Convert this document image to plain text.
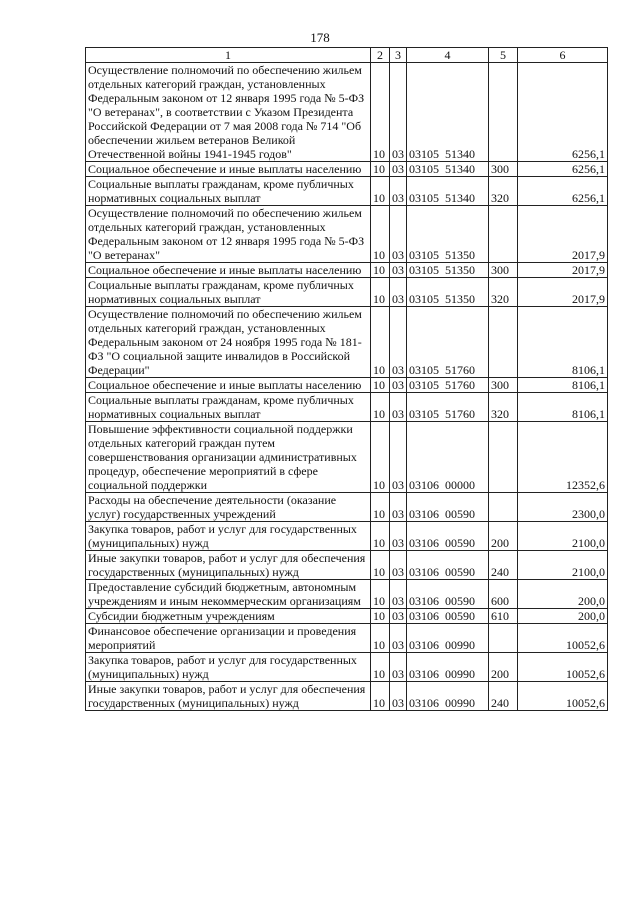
178
1	2	3	4	5	6
Осуществление полномочий по обеспечению жильем отдельных категорий граждан, установленных Федеральным законом от 12 января 1995 года № 5-ФЗ "О ветеранах", в соответствии с Указом Президента Российской Федерации от 7 мая 2008 года № 714 "Об обеспечении жильем ветеранов Великой Отечественной войны 1941-1945 годов"	10	03	03105  51340		6256,1
Социальное обеспечение и иные выплаты населению	10	03	03105  51340	300	6256,1
Социальные выплаты гражданам, кроме публичных нормативных социальных выплат	10	03	03105  51340	320	6256,1
Осуществление полномочий по обеспечению жильем отдельных категорий граждан, установленных Федеральным законом от 12 января 1995 года № 5-ФЗ "О ветеранах"	10	03	03105  51350		2017,9
Социальное обеспечение и иные выплаты населению	10	03	03105  51350	300	2017,9
Социальные выплаты гражданам, кроме публичных нормативных социальных выплат	10	03	03105  51350	320	2017,9
Осуществление полномочий по обеспечению жильем отдельных категорий граждан, установленных Федеральным законом от 24 ноября 1995 года № 181-ФЗ "О социальной защите инвалидов в Российской Федерации"	10	03	03105  51760		8106,1
Социальное обеспечение и иные выплаты населению	10	03	03105  51760	300	8106,1
Социальные выплаты гражданам, кроме публичных нормативных социальных выплат	10	03	03105  51760	320	8106,1
Повышение эффективности социальной поддержки отдельных категорий граждан путем совершенствования организации административных процедур, обеспечение мероприятий в сфере социальной поддержки	10	03	03106  00000		12352,6
Расходы на обеспечение деятельности (оказание услуг) государственных учреждений	10	03	03106  00590		2300,0
Закупка товаров, работ и услуг для государственных (муниципальных) нужд	10	03	03106  00590	200	2100,0
Иные закупки товаров, работ и услуг для обеспечения государственных (муниципальных) нужд	10	03	03106  00590	240	2100,0
Предоставление субсидий бюджетным, автономным учреждениям и иным некоммерческим организациям	10	03	03106  00590	600	200,0
Субсидии бюджетным учреждениям	10	03	03106  00590	610	200,0
Финансовое обеспечение организации и проведения мероприятий	10	03	03106  00990		10052,6
Закупка товаров, работ и услуг для государственных (муниципальных) нужд	10	03	03106  00990	200	10052,6
Иные закупки товаров, работ и услуг для обеспечения государственных (муниципальных) нужд	10	03	03106  00990	240	10052,6
